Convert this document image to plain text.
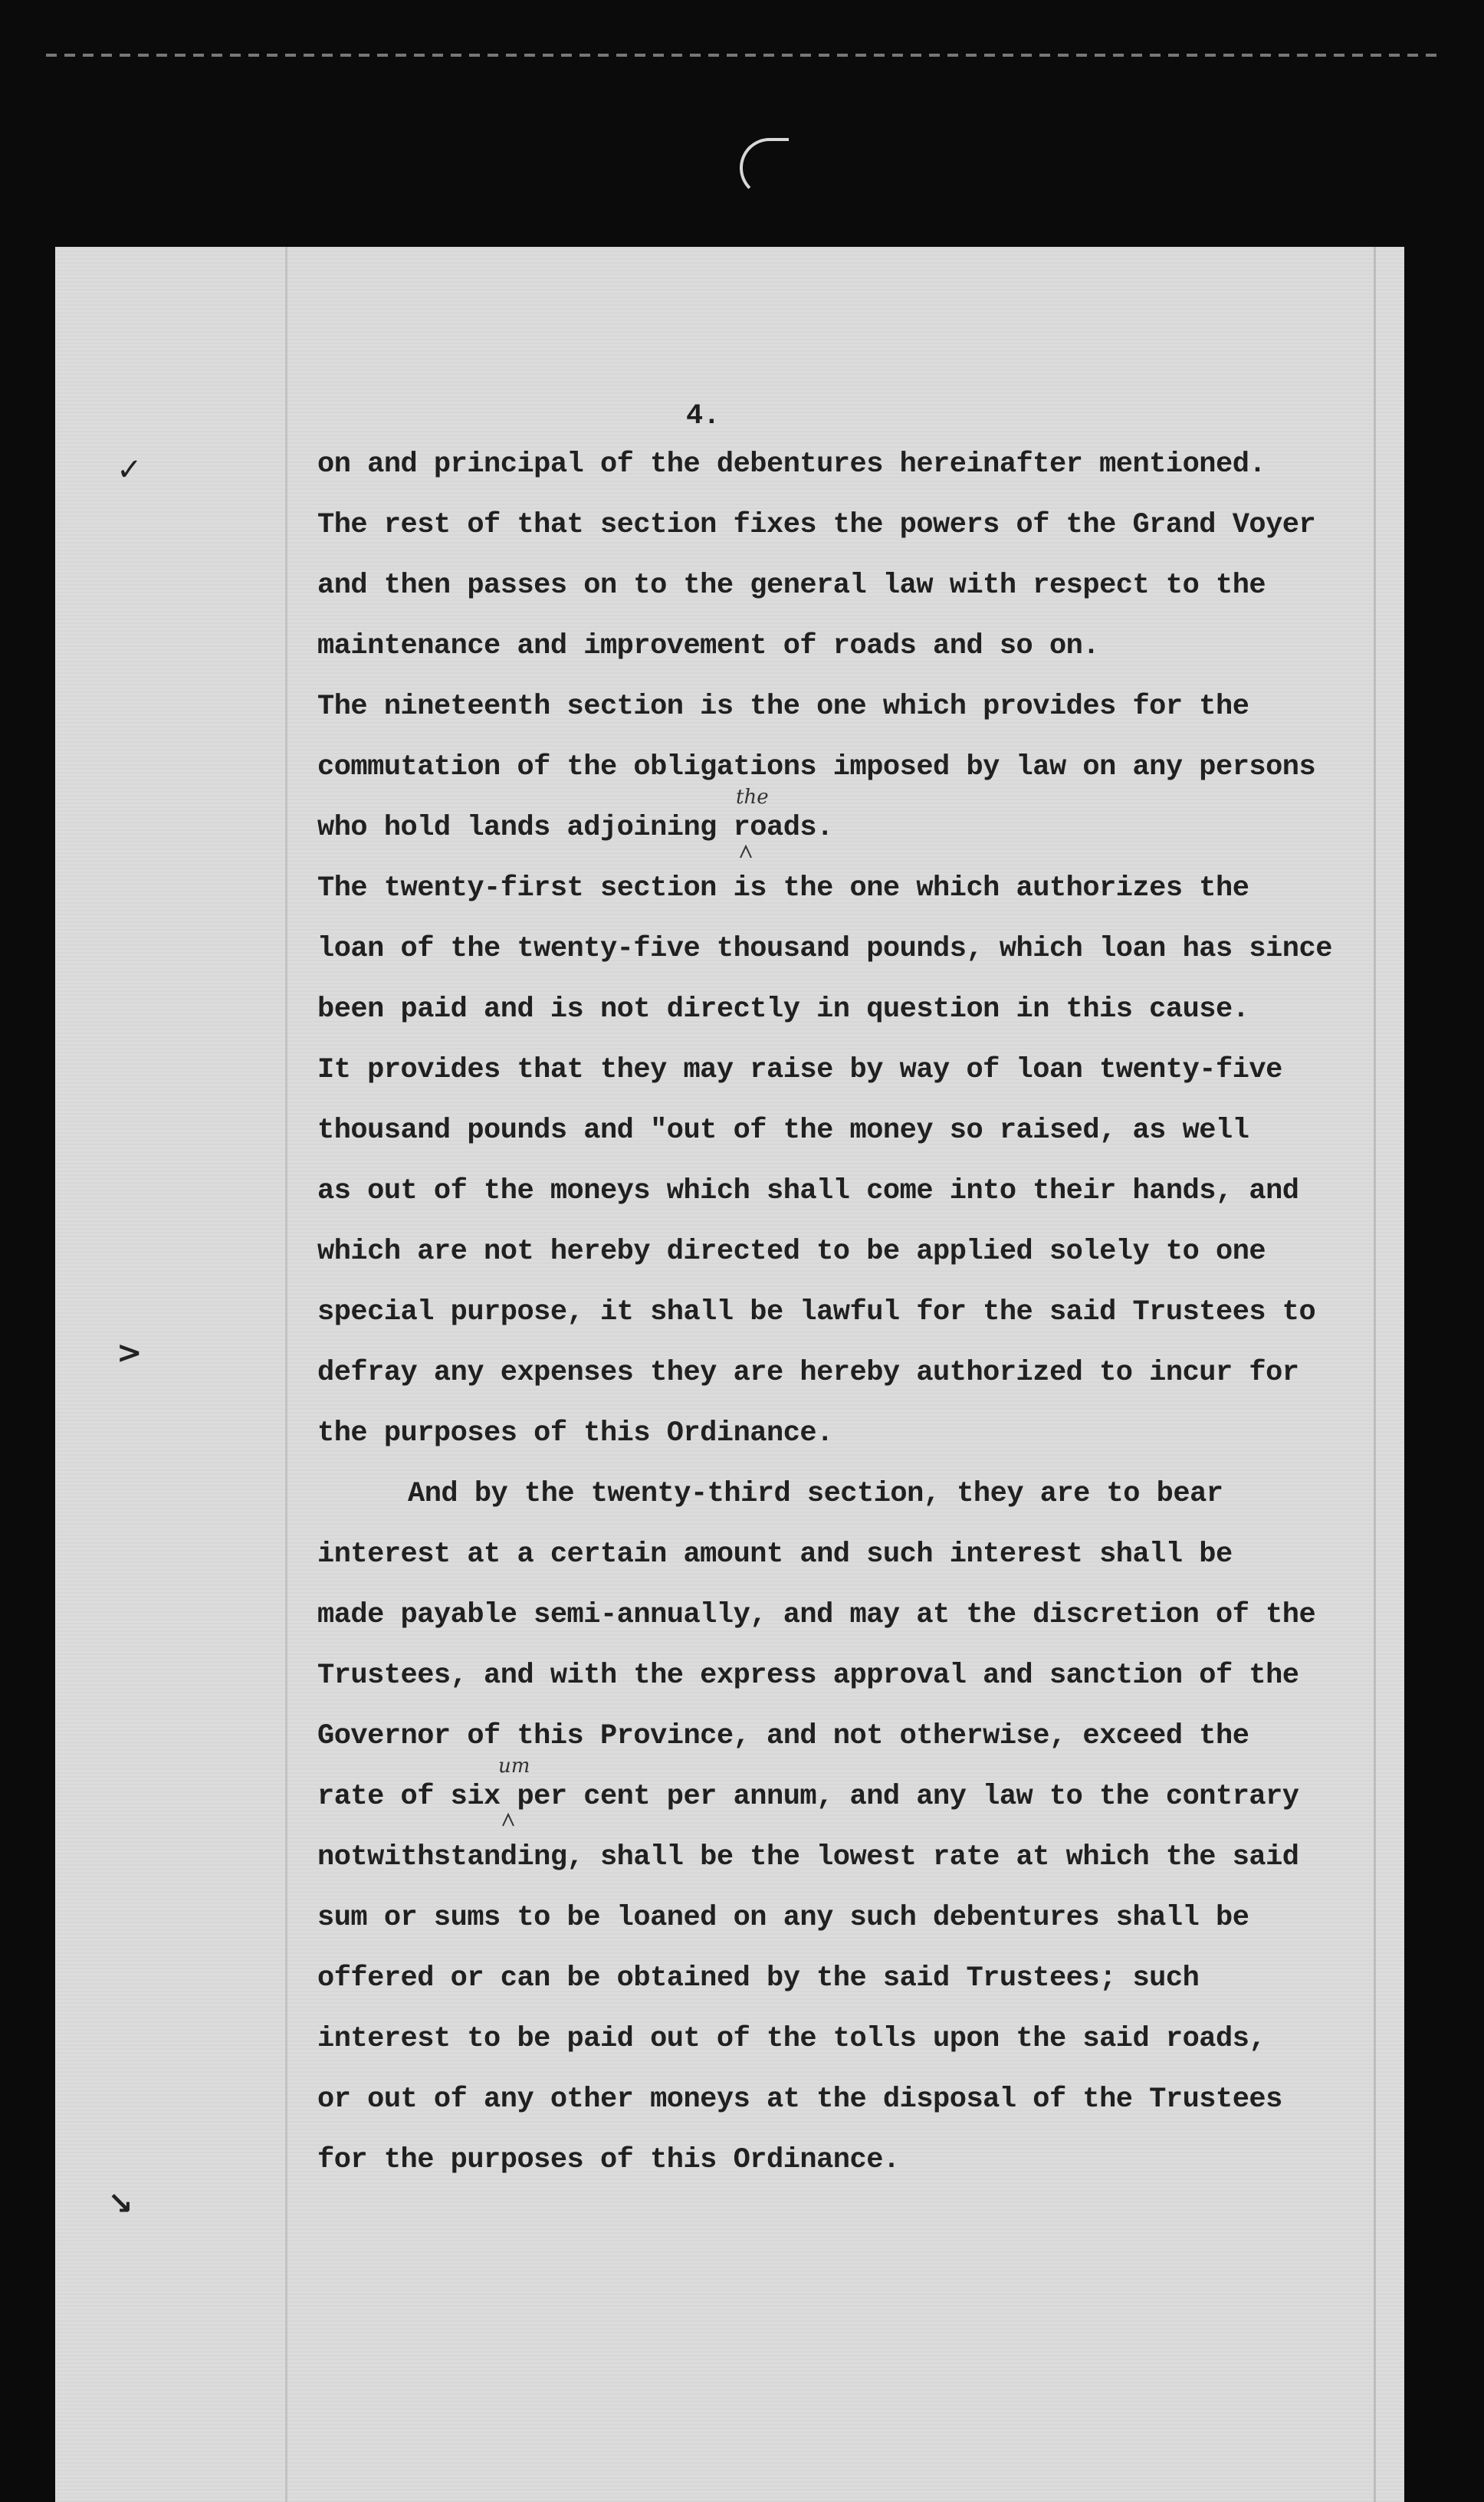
4.
on and principal of the debentures hereinafter mentioned.
The rest of that section fixes the powers of the Grand Voyer
and then passes on to the general law with respect to the
maintenance and improvement of roads and so on.
The nineteenth section is the one which provides for the
commutation of the obligations imposed by law on any persons
who hold lands adjoining roads.
The twenty-first section is the one which authorizes the
loan of the twenty-five thousand pounds, which loan has since
been paid and is not directly in question in this cause.
It provides that they may raise by way of loan twenty-five
thousand pounds and "out of the money so raised, as well
as out of the moneys which shall come into their hands, and
which are not hereby directed to be applied solely to one
special purpose, it shall be lawful for the said Trustees to
defray any expenses they are hereby authorized to incur for
the purposes of this Ordinance.
And by the twenty-third section, they are to bear
interest at a certain amount and such interest shall be
made payable semi-annually, and may at the discretion of the
Trustees, and with the express approval and sanction of the
Governor of this Province, and not otherwise, exceed the
rate of six per cent per annum, and any law to the contrary
notwithstanding, shall be the lowest rate at which the said
sum or sums to be loaned on any such debentures shall be
offered or can be obtained by the said Trustees; such
interest to be paid out of the tolls upon the said roads,
or out of any other moneys at the disposal of the Trustees
for the purposes of this Ordinance.
the
um
✓
>
↘
